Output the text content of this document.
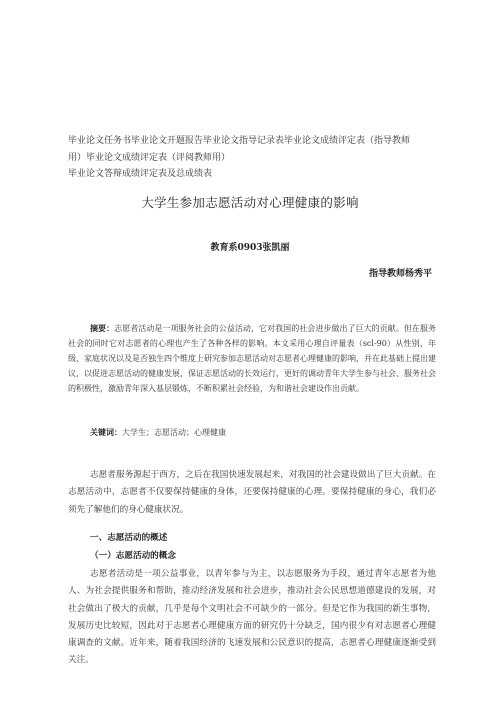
毕业论文任务书毕业论文开题报告毕业论文指导记录表毕业论文成绩评定表（指导教师
用）毕业论文成绩评定表（评阅教师用）
毕业论文答辩成绩评定表及总成绩表
大学生参加志愿活动对心理健康的影响
教育系0903张凯丽
指导教师杨秀平
摘要：志愿者活动是一项服务社会的公益活动，它对我国的社会进步做出了巨大的贡献。但在服务社会的同时它对志愿者的心理也产生了各种各样的影响。本文采用心理自评量表（scl-90）从性别、年级、家庭状况以及是否独生四个维度上研究参加志愿活动对志愿者心理健康的影响，并在此基础上提出建议，以促进志愿活动的健康发展，保证志愿活动的长效运行，更好的调动青年大学生参与社会、服务社会的积极性，激励青年深入基层锻炼，不断积累社会经验，为和谐社会建设作出贡献。
关键词：大学生；志愿活动；心理健康
志愿者服务源起于西方，之后在我国快速发展起来，对我国的社会建设做出了巨大贡献。在志愿活动中，志愿者不仅要保持健康的身体，还要保持健康的心理。要保持健康的身心，我们必须先了解他们的身心健康状况。
一、志愿活动的概述
（一）志愿活动的概念
志愿者活动是一项公益事业，以青年参与为主，以志愿服务为手段，通过青年志愿者为他人、为社会提供服务和帮助，推动经济发展和社会进步，推动社会公民思想道德建设的发展，对社会做出了极大的贡献，几乎是每个文明社会不可缺少的一部分。但是它作为我国的新生事物，发展历史比较短，因此对于志愿者心理健康方面的研究仍十分缺乏，国内很少有对志愿者心理健康调查的文献。近年来，随着我国经济的飞速发展和公民意识的提高，志愿者心理健康逐渐受到关注。
